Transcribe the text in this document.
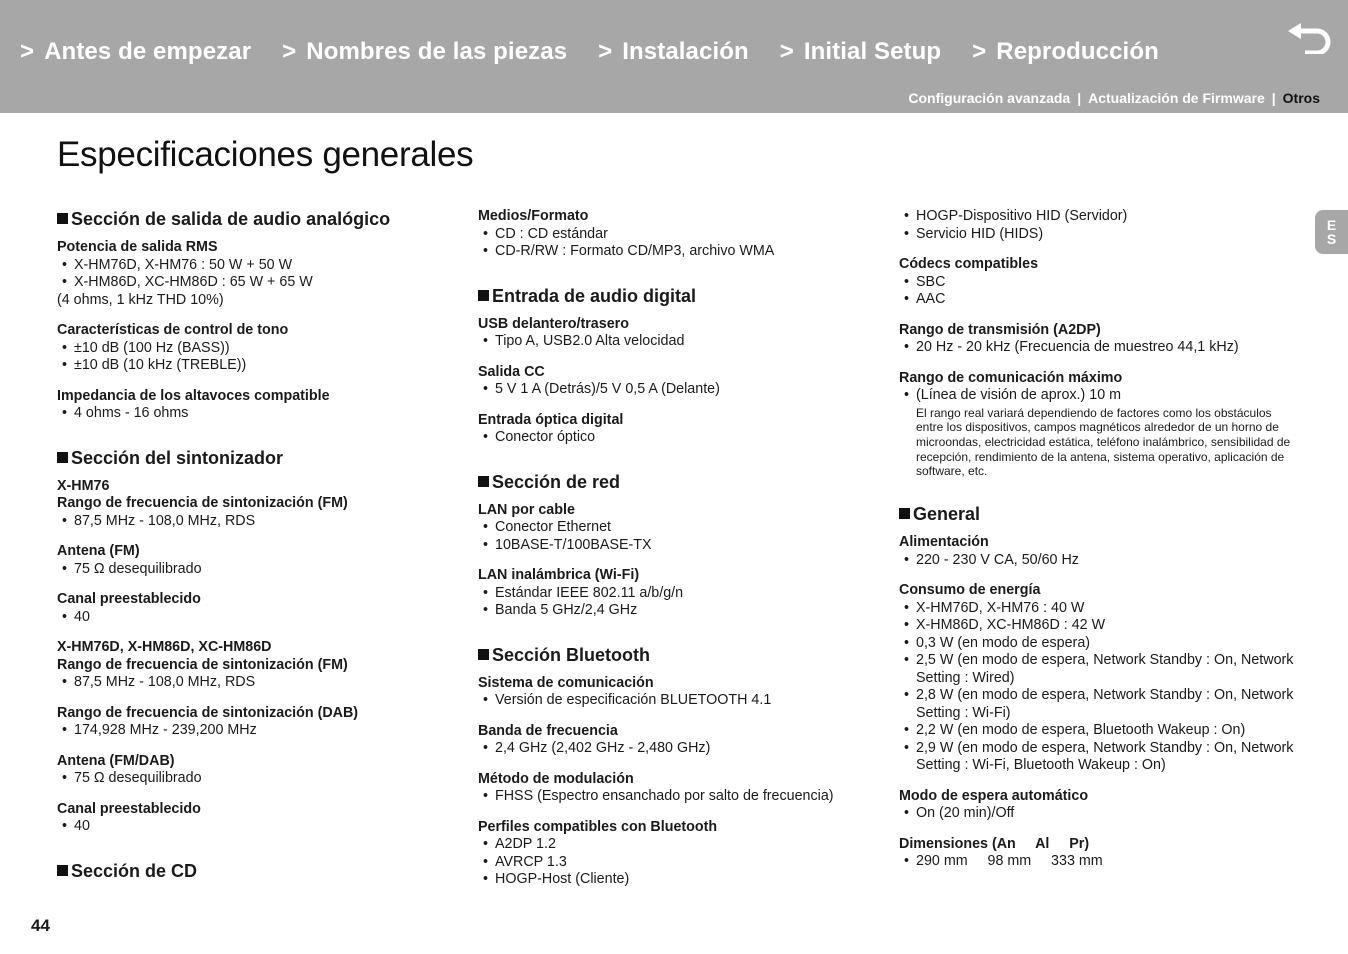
> Antes de empezar > Nombres de las piezas > Instalación > Initial Setup > Reproducción
Configuración avanzada | Actualización de Firmware | Otros
Especificaciones generales
Sección de salida de audio analógico
Potencia de salida RMS
• X-HM76D, X-HM76 : 50 W + 50 W
• X-HM86D, XC-HM86D : 65 W + 65 W
(4 ohms, 1 kHz THD 10%)
Características de control de tono
• ±10 dB (100 Hz (BASS))
• ±10 dB (10 kHz (TREBLE))
Impedancia de los altavoces compatible
• 4 ohms - 16 ohms
Sección del sintonizador
X-HM76
Rango de frecuencia de sintonización (FM)
• 87,5 MHz - 108,0 MHz, RDS
Antena (FM)
• 75 Ω desequilibrado
Canal preestablecido
• 40
X-HM76D, X-HM86D, XC-HM86D
Rango de frecuencia de sintonización (FM)
• 87,5 MHz - 108,0 MHz, RDS
Rango de frecuencia de sintonización (DAB)
• 174,928 MHz - 239,200 MHz
Antena (FM/DAB)
• 75 Ω desequilibrado
Canal preestablecido
• 40
Sección de CD
Medios/Formato
• CD : CD estándar
• CD-R/RW : Formato CD/MP3, archivo WMA
Entrada de audio digital
USB delantero/trasero
• Tipo A, USB2.0 Alta velocidad
Salida CC
• 5 V 1 A (Detrás)/5 V 0,5 A (Delante)
Entrada óptica digital
• Conector óptico
Sección de red
LAN por cable
• Conector Ethernet
• 10BASE-T/100BASE-TX
LAN inalámbrica (Wi-Fi)
• Estándar IEEE 802.11 a/b/g/n
• Banda 5 GHz/2,4 GHz
Sección Bluetooth
Sistema de comunicación
• Versión de especificación BLUETOOTH 4.1
Banda de frecuencia
• 2,4 GHz (2,402 GHz - 2,480 GHz)
Método de modulación
• FHSS (Espectro ensanchado por salto de frecuencia)
Perfiles compatibles con Bluetooth
• A2DP 1.2
• AVRCP 1.3
• HOGP-Host (Cliente)
• HOGP-Dispositivo HID (Servidor)
• Servicio HID (HIDS)
Códecs compatibles
• SBC
• AAC
Rango de transmisión (A2DP)
• 20 Hz - 20 kHz (Frecuencia de muestreo 44,1 kHz)
Rango de comunicación máximo
• (Línea de visión de aprox.) 10 m
El rango real variará dependiendo de factores como los obstáculos entre los dispositivos, campos magnéticos alrededor de un horno de microondas, electricidad estática, teléfono inalámbrico, sensibilidad de recepción, rendimiento de la antena, sistema operativo, aplicación de software, etc.
General
Alimentación
• 220 - 230 V CA, 50/60 Hz
Consumo de energía
• X-HM76D, X-HM76 : 40 W
• X-HM86D, XC-HM86D : 42 W
• 0,3 W (en modo de espera)
• 2,5 W (en modo de espera, Network Standby : On, Network Setting : Wired)
• 2,8 W (en modo de espera, Network Standby : On, Network Setting : Wi-Fi)
• 2,2 W (en modo de espera, Bluetooth Wakeup : On)
• 2,9 W (en modo de espera, Network Standby : On, Network Setting : Wi-Fi, Bluetooth Wakeup : On)
Modo de espera automático
• On (20 min)/Off
Dimensiones (An     Al     Pr)
• 290 mm     98 mm     333 mm
E
S
44
